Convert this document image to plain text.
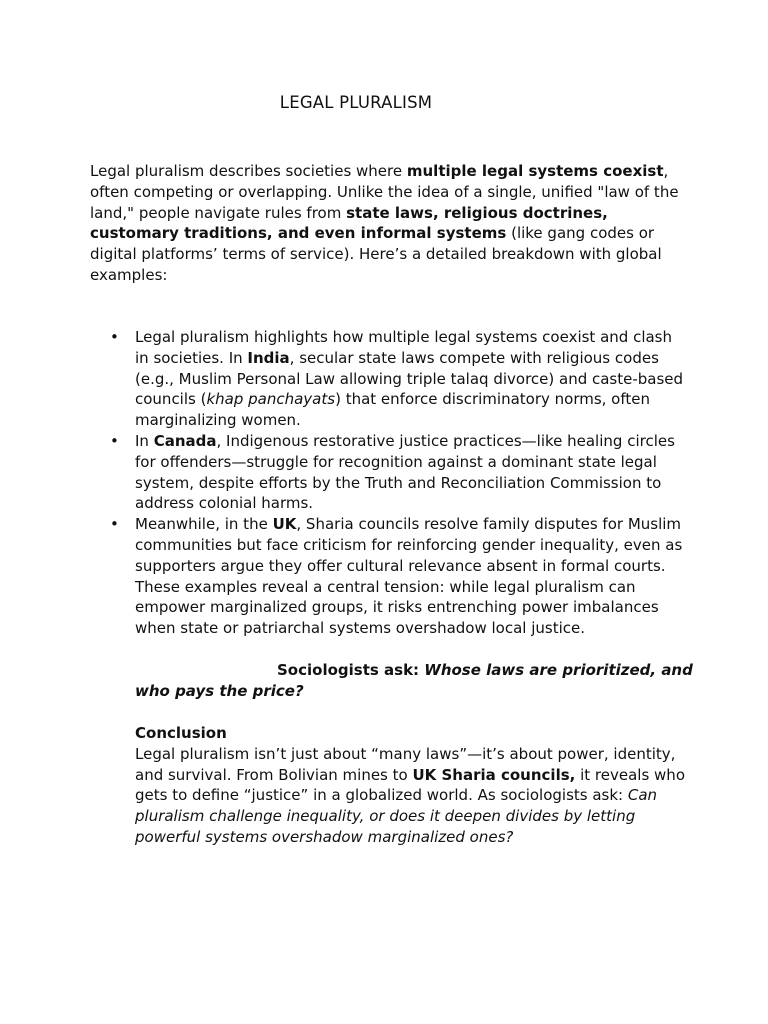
LEGAL PLURALISM

Legal pluralism describes societies where multiple legal systems coexist, often competing or overlapping. Unlike the idea of a single, unified "law of the land," people navigate rules from state laws, religious doctrines, customary traditions, and even informal systems (like gang codes or digital platforms’ terms of service). Here’s a detailed breakdown with global examples:

• Legal pluralism highlights how multiple legal systems coexist and clash in societies. In India, secular state laws compete with religious codes (e.g., Muslim Personal Law allowing triple talaq divorce) and caste-based councils (khap panchayats) that enforce discriminatory norms, often marginalizing women.
• In Canada, Indigenous restorative justice practices—like healing circles for offenders—struggle for recognition against a dominant state legal system, despite efforts by the Truth and Reconciliation Commission to address colonial harms.
• Meanwhile, in the UK, Sharia councils resolve family disputes for Muslim communities but face criticism for reinforcing gender inequality, even as supporters argue they offer cultural relevance absent in formal courts. These examples reveal a central tension: while legal pluralism can empower marginalized groups, it risks entrenching power imbalances when state or patriarchal systems overshadow local justice.

Sociologists ask: Whose laws are prioritized, and who pays the price?

Conclusion

Legal pluralism isn’t just about “many laws”—it’s about power, identity, and survival. From Bolivian mines to UK Sharia councils, it reveals who gets to define “justice” in a globalized world. As sociologists ask: Can pluralism challenge inequality, or does it deepen divides by letting powerful systems overshadow marginalized ones?
